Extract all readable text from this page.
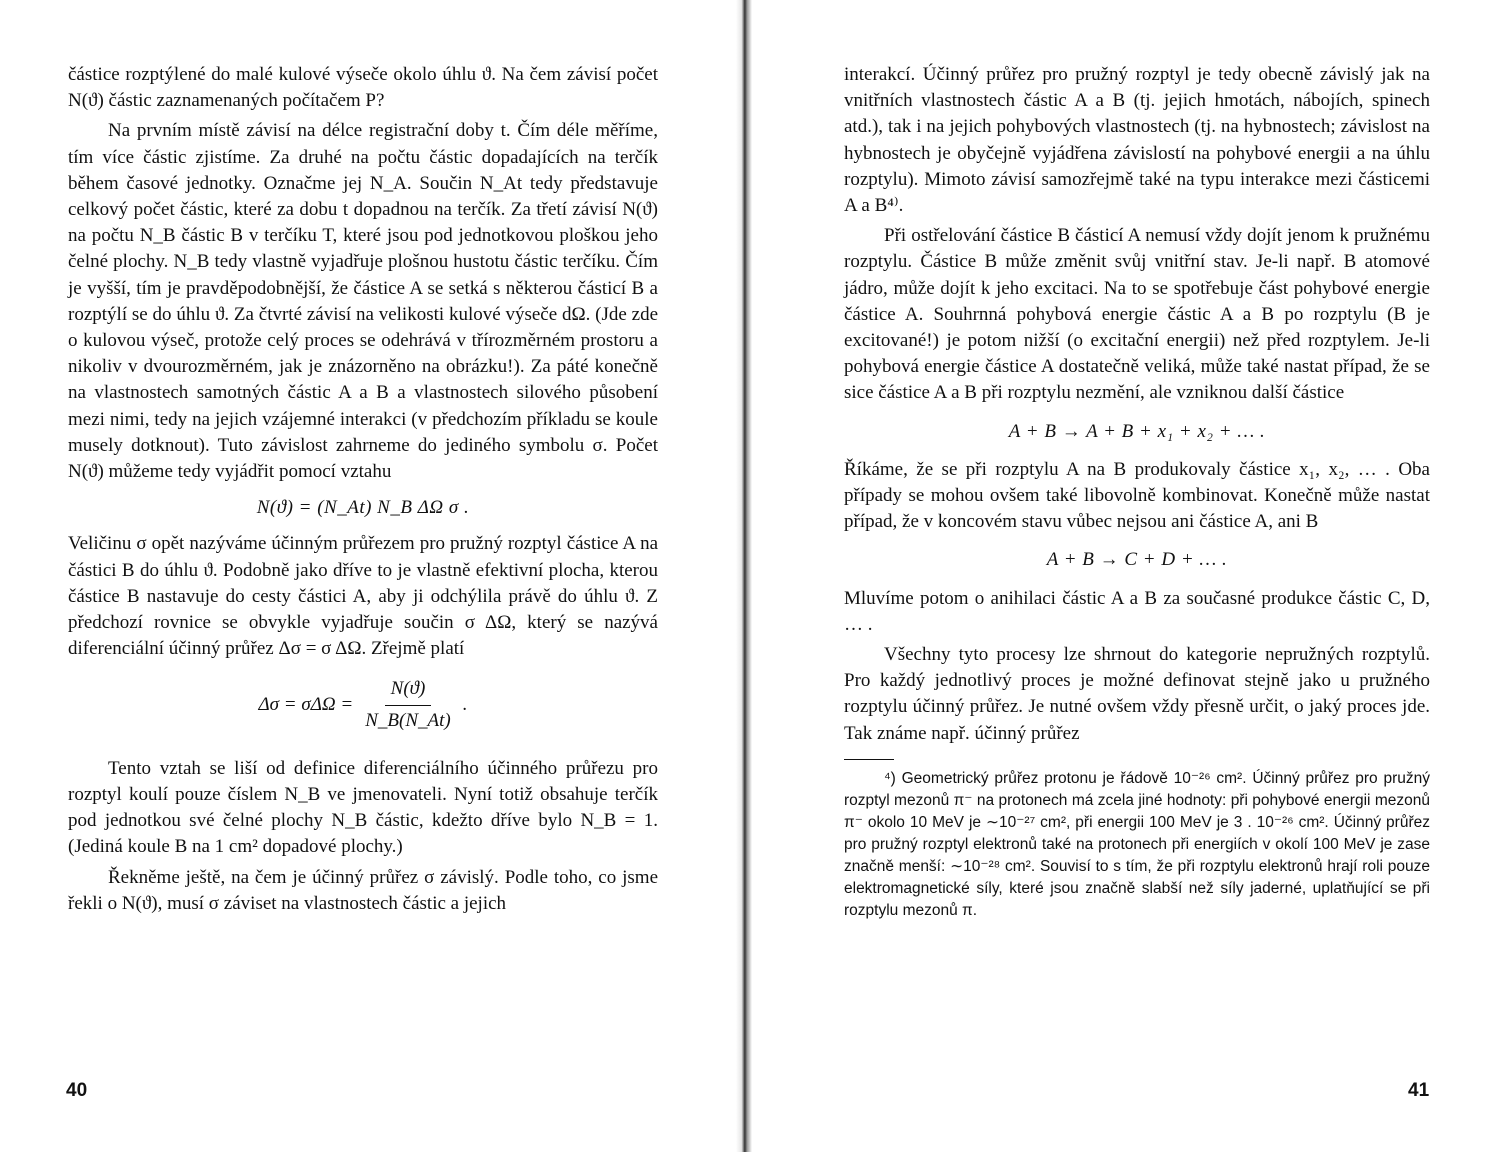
částice rozptýlené do malé kulové výseče okolo úhlu ϑ. Na čem závisí počet N(ϑ) částic zaznamenaných počítačem P?

Na prvním místě závisí na délce registrační doby t. Čím déle měříme, tím více částic zjistíme. Za druhé na počtu částic dopadajících na terčík během časové jednotky. Označme jej N_A. Součin N_At tedy představuje celkový počet částic, které za dobu t dopadnou na terčík. Za třetí závisí N(ϑ) na počtu N_B částic B v terčíku T, které jsou pod jednotkovou ploškou jeho čelné plochy. N_B tedy vlastně vyjadřuje plošnou hustotu částic terčíku. Čím je vyšší, tím je pravděpodobnější, že částice A se setká s některou částicí B a rozptýlí se do úhlu ϑ. Za čtvrté závisí na velikosti kulové výseče dΩ. (Jde zde o kulovou výseč, protože celý proces se odehrává v třírozměrném prostoru a nikoliv v dvourozměrném, jak je znázorněno na obrázku!). Za páté konečně na vlastnostech samotných částic A a B a vlastnostech silového působení mezi nimi, tedy na jejich vzájemné interakci (v předchozím příkladu se koule musely dotknout). Tuto závislost zahrneme do jediného symbolu σ. Počet N(ϑ) můžeme tedy vyjádřit pomocí vztahu

N(ϑ) = (N_At) N_B ΔΩ σ .

Veličinu σ opět nazýváme účinným průřezem pro pružný rozptyl částice A na částici B do úhlu ϑ. Podobně jako dříve to je vlastně efektivní plocha, kterou částice B nastavuje do cesty částici A, aby ji odchýlila právě do úhlu ϑ. Z předchozí rovnice se obvykle vyjadřuje součin σ ΔΩ, který se nazývá diferenciální účinný průřez Δσ = σ ΔΩ. Zřejmě platí

$\Delta\sigma = \sigma\Delta\Omega = \frac{N(ϑ)}{N\_B(N\_At)}$ .

Tento vztah se liší od definice diferenciálního účinného průřezu pro rozptyl koulí pouze číslem N_B ve jmenovateli. Nyní totiž obsahuje terčík pod jednotkou své čelné plochy N_B částic, kdežto dříve bylo N_B = 1. (Jediná koule B na 1 cm² dopadové plochy.)

Řekněme ještě, na čem je účinný průřez σ závislý. Podle toho, co jsme řekli o N(ϑ), musí σ záviset na vlastnostech částic a jejich

40

interakcí. Účinný průřez pro pružný rozptyl je tedy obecně závislý jak na vnitřních vlastnostech částic A a B (tj. jejich hmotách, nábojích, spinech atd.), tak i na jejich pohybových vlastnostech (tj. na hybnostech; závislost na hybnostech je obyčejně vyjádřena závislostí na pohybové energii a na úhlu rozptylu). Mimoto závisí samozřejmě také na typu interakce mezi částicemi A a B⁴⁾.

Při ostřelování částice B částicí A nemusí vždy dojít jenom k pružnému rozptylu. Částice B může změnit svůj vnitřní stav. Je-li např. B atomové jádro, může dojít k jeho excitaci. Na to se spotřebuje část pohybové energie částice A. Souhrnná pohybová energie částic A a B po rozptylu (B je excitované!) je potom nižší (o excitační energii) než před rozptylem. Je-li pohybová energie částice A dostatečně veliká, může také nastat případ, že se sice částice A a B při rozptylu nezmění, ale vzniknou další částice

A + B → A + B + x₁ + x₂ + … .

Říkáme, že se při rozptylu A na B produkovaly částice x₁, x₂, … . Oba případy se mohou ovšem také libovolně kombinovat. Konečně může nastat případ, že v koncovém stavu vůbec nejsou ani částice A, ani B

A + B → C + D + … .

Mluvíme potom o anihilaci částic A a B za současné produkce částic C, D, … .

Všechny tyto procesy lze shrnout do kategorie nepružných rozptylů. Pro každý jednotlivý proces je možné definovat stejně jako u pružného rozptylu účinný průřez. Je nutné ovšem vždy přesně určit, o jaký proces jde. Tak známe např. účinný průřez

⁴) Geometrický průřez protonu je řádově 10⁻²⁶ cm². Účinný průřez pro pružný rozptyl mezonů π⁻ na protonech má zcela jiné hodnoty: při pohybové energii mezonů π⁻ okolo 10 MeV je ∼10⁻²⁷ cm², při energii 100 MeV je 3 . 10⁻²⁶ cm². Účinný průřez pro pružný rozptyl elektronů také na protonech při energiích v okolí 100 MeV je zase značně menší: ∼10⁻²⁸ cm². Souvisí to s tím, že při rozptylu elektronů hrají roli pouze elektromagnetické síly, které jsou značně slabší než síly jaderné, uplatňující se při rozptylu mezonů π.

41
